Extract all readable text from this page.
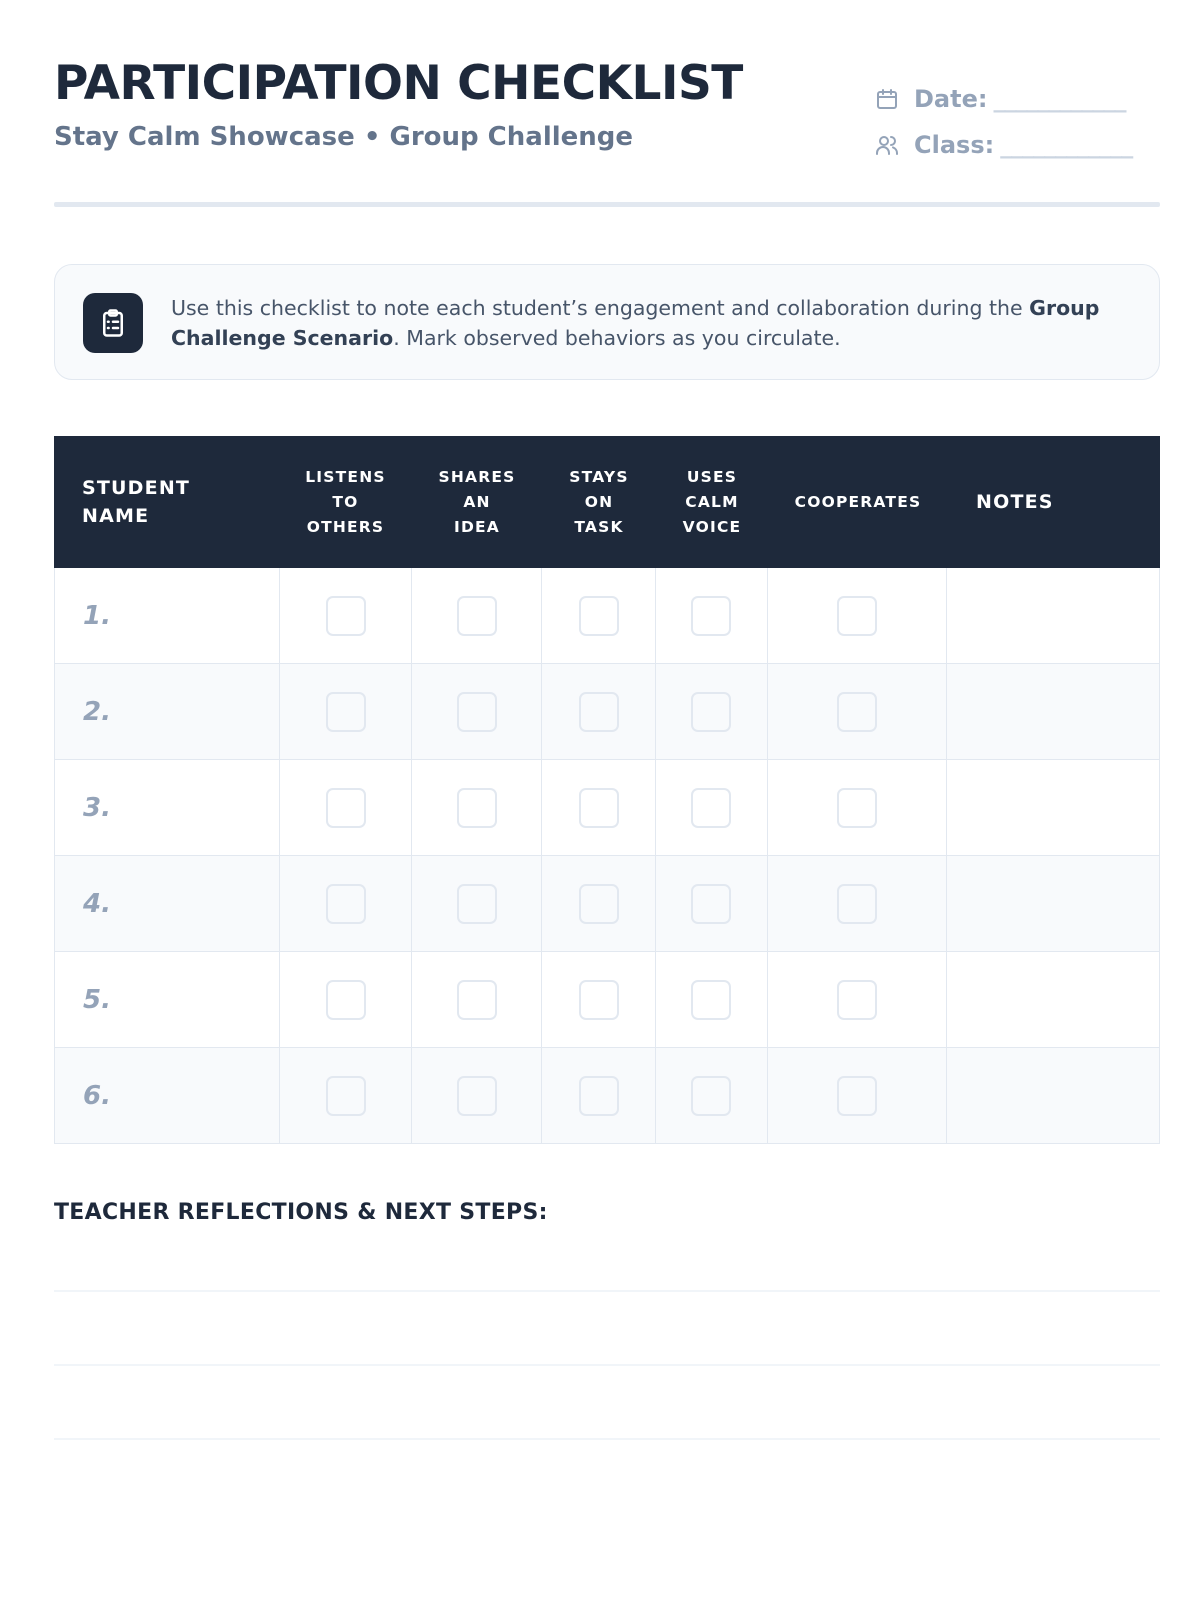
PARTICIPATION CHECKLIST
Stay Calm Showcase • Group Challenge
Date: ____________
Class: ____________
Use this checklist to note each student’s engagement and collaboration during the Group Challenge Scenario. Mark observed behaviors as you circulate.
STUDENT
NAME
LISTENS
TO
OTHERS
SHARES
AN
IDEA
STAYS
ON
TASK
USES
CALM
VOICE
COOPERATES	NOTES
1.
2.
3.
4.
5.
6.
TEACHER REFLECTIONS & NEXT STEPS:
